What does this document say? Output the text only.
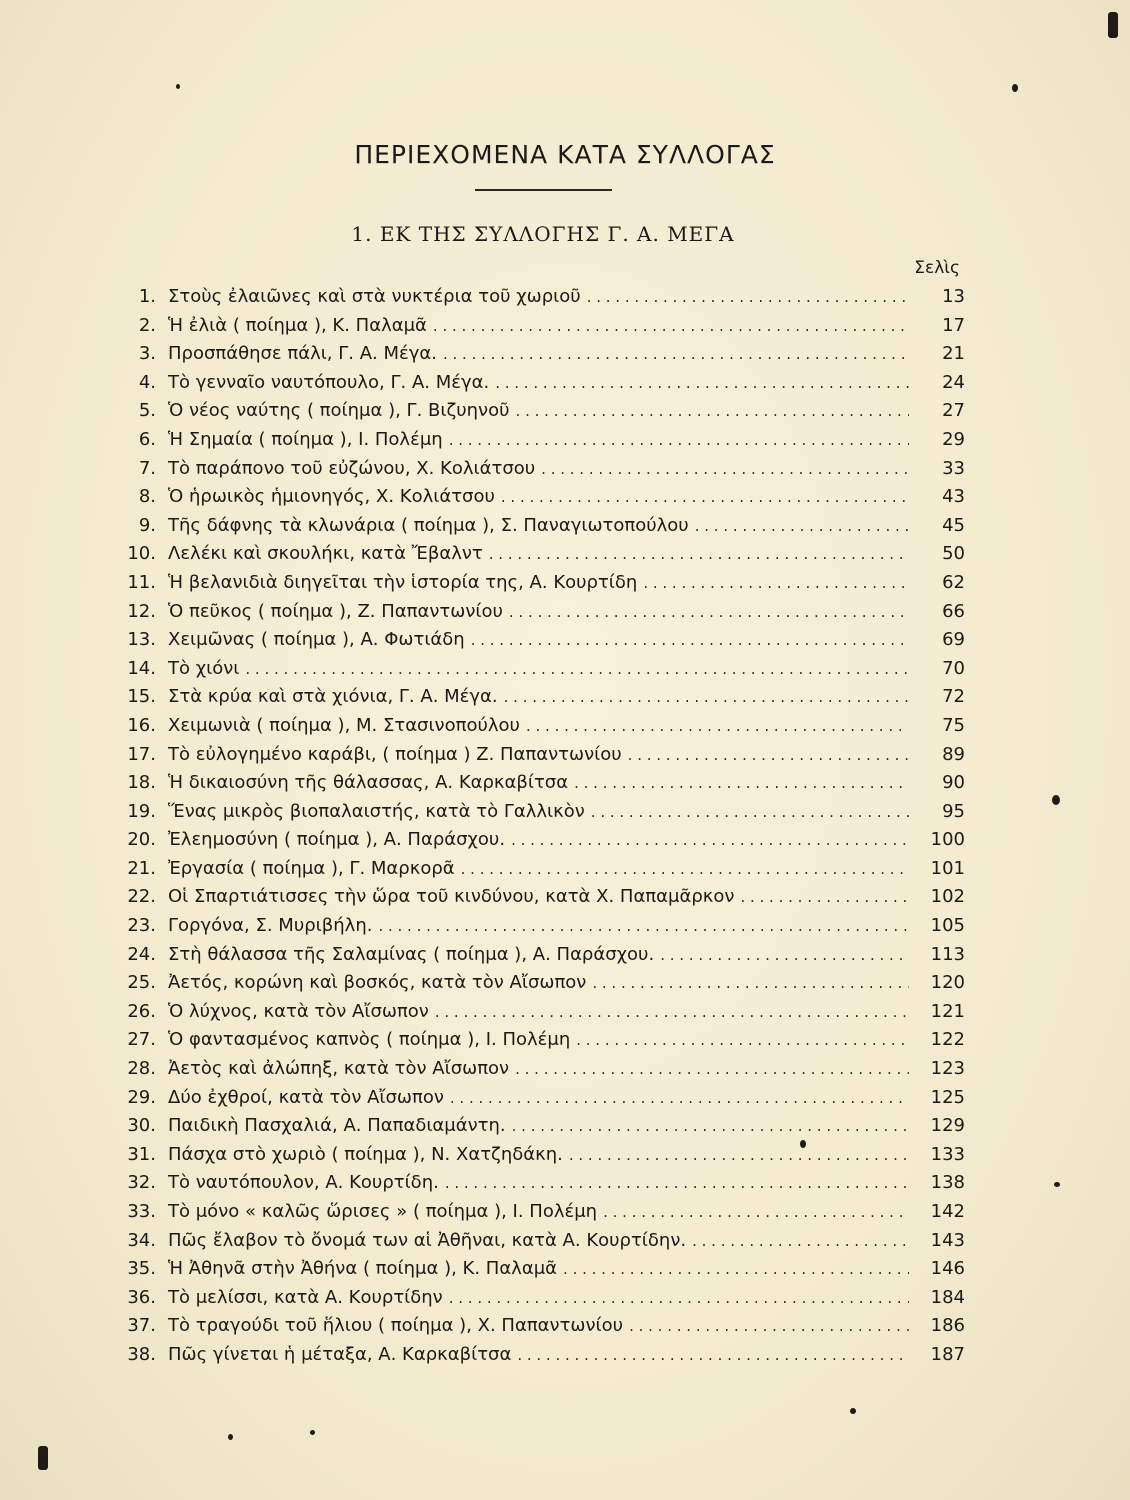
ΠΕΡΙΕΧΟΜΕΝΑ ΚΑΤΑ ΣΥΛΛΟΓΑΣ
1. ΕΚ ΤΗΣ ΣΥΛΛΟΓΗΣ Γ. Α. ΜΕΓΑ
Σελὶς
1. Στοὺς ἐλαιῶνες καὶ στὰ νυκτέρια τοῦ χωριοῦ . . .	13
2. Ἡ ἐλιὰ ( ποίημα ), Κ. Παλαμᾶ . . .	17
3. Προσπάθησε πάλι, Γ. Α. Μέγα. . . .	21
4. Τὸ γενναῖο ναυτόπουλο, Γ. Α. Μέγα. . . .	24
5. Ὁ νέος ναύτης ( ποίημα ), Γ. Βιζυηνοῦ . . .	27
6. Ἡ Σημαία ( ποίημα ), Ι. Πολέμη . . .	29
7. Τὸ παράπονο τοῦ εὐζώνου, Χ. Κολιάτσου . . .	33
8. Ὁ ἡρωικὸς ἡμιονηγός, Χ. Κολιάτσου . . .	43
9. Τῆς δάφνης τὰ κλωνάρια ( ποίημα ), Σ. Παναγιωτοπούλου . . .	45
10. Λελέκι καὶ σκουλήκι, κατὰ Ἔβαλντ . . .	50
11. Ἡ βελανιδιὰ διηγεῖται τὴν ἱστορία της, Α. Κουρτίδη . . .	62
12. Ὁ πεῦκος ( ποίημα ), Ζ. Παπαντωνίου . . .	66
13. Χειμῶνας ( ποίημα ), Α. Φωτιάδη . . .	69
14. Τὸ χιόνι . . .	70
15. Στὰ κρύα καὶ στὰ χιόνια, Γ. Α. Μέγα. . . .	72
16. Χειμωνιὰ ( ποίημα ), Μ. Στασινοπούλου . . .	75
17. Τὸ εὐλογημένο καράβι, ( ποίημα ) Ζ. Παπαντωνίου . . .	89
18. Ἡ δικαιοσύνη τῆς θάλασσας, Α. Καρκαβίτσα . . .	90
19. Ἕνας μικρὸς βιοπαλαιστής, κατὰ τὸ Γαλλικὸν . . .	95
20. Ἐλεημοσύνη ( ποίημα ), Α. Παράσχου. . . .	100
21. Ἐργασία ( ποίημα ), Γ. Μαρκορᾶ . . .	101
22. Οἱ Σπαρτιάτισσες τὴν ὥρα τοῦ κινδύνου, κατὰ Χ. Παπαμᾶρκον . . .	102
23. Γοργόνα, Σ. Μυριβήλη. . . .	105
24. Στὴ θάλασσα τῆς Σαλαμίνας ( ποίημα ), Α. Παράσχου. . . .	113
25. Ἀετός, κορώνη καὶ βοσκός, κατὰ τὸν Αἴσωπον . . .	120
26. Ὁ λύχνος, κατὰ τὸν Αἴσωπον . . .	121
27. Ὁ φαντασμένος καπνὸς ( ποίημα ), Ι. Πολέμη . . .	122
28. Ἀετὸς καὶ ἀλώπηξ, κατὰ τὸν Αἴσωπον . . .	123
29. Δύο ἐχθροί, κατὰ τὸν Αἴσωπον . . .	125
30. Παιδικὴ Πασχαλιά, Α. Παπαδιαμάντη. . . .	129
31. Πάσχα στὸ χωριὸ ( ποίημα ), Ν. Χατζηδάκη. . . .	133
32. Τὸ ναυτόπουλον, Α. Κουρτίδη. . . .	138
33. Τὸ μόνο « καλῶς ὥρισες » ( ποίημα ), Ι. Πολέμη . . .	142
34. Πῶς ἔλαβον τὸ ὄνομά των αἱ Ἀθῆναι, κατὰ Α. Κουρτίδην. . . .	143
35. Ἡ Ἀθηνᾶ στὴν Ἀθήνα ( ποίημα ), Κ. Παλαμᾶ . . .	146
36. Τὸ μελίσσι, κατὰ Α. Κουρτίδην . . .	184
37. Τὸ τραγούδι τοῦ ἥλιου ( ποίημα ), Χ. Παπαντωνίου . . .	186
38. Πῶς γίνεται ἡ μέταξα, Α. Καρκαβίτσα . . .	187
